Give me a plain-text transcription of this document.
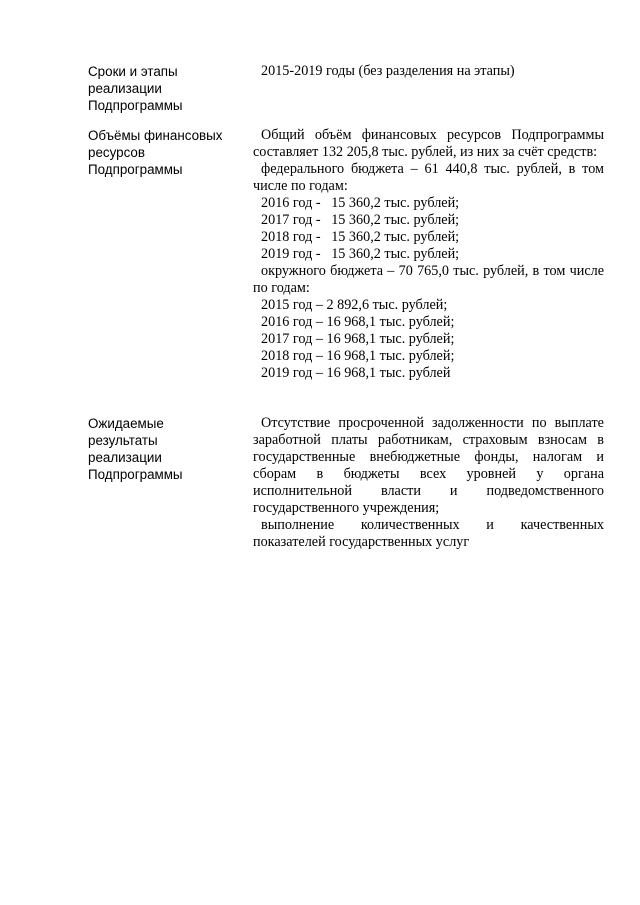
Сроки и этапы
реализации
Подпрограммы

2015-2019 годы (без разделения на этапы)

Объёмы финансовых
ресурсов
Подпрограммы

Общий объём финансовых ресурсов Подпрограммы составляет 132 205,8 тыс. рублей, из них за счёт средств:

федерального бюджета – 61 440,8 тыс. рублей, в том числе по годам:

2016 год -   15 360,2 тыс. рублей;

2017 год -   15 360,2 тыс. рублей;

2018 год -   15 360,2 тыс. рублей;

2019 год -   15 360,2 тыс. рублей;

окружного бюджета – 70 765,0 тыс. рублей, в том числе по годам:

2015 год – 2 892,6 тыс. рублей;

2016 год – 16 968,1 тыс. рублей;

2017 год – 16 968,1 тыс. рублей;

2018 год – 16 968,1 тыс. рублей;

2019 год – 16 968,1 тыс. рублей

Ожидаемые
результаты
реализации
Подпрограммы

Отсутствие просроченной задолженности по выплате заработной платы работникам, страховым взносам в государственные внебюджетные фонды, налогам и сборам в бюджеты всех уровней у органа исполнительной власти и подведомственного государственного учреждения;

выполнение количественных и качественных показателей государственных услуг
